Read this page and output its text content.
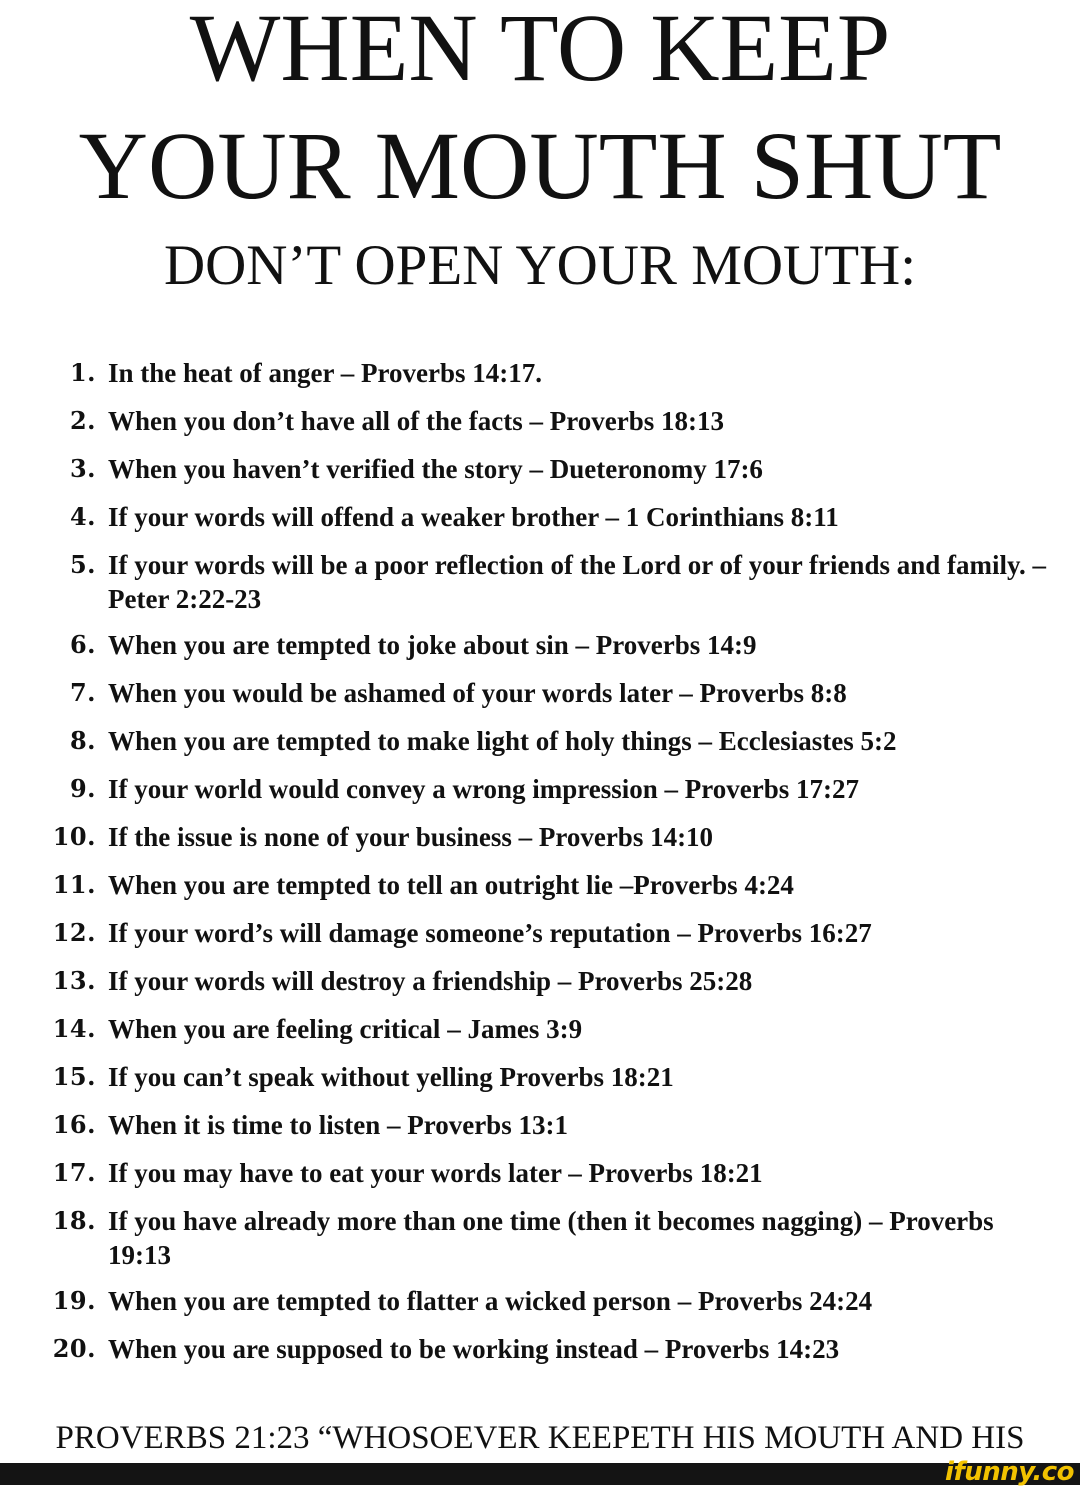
WHEN TO KEEP
YOUR MOUTH SHUT
DON’T OPEN YOUR MOUTH:
1. In the heat of anger – Proverbs 14:17.
2. When you don’t have all of the facts – Proverbs 18:13
3. When you haven’t verified the story – Dueteronomy 17:6
4. If your words will offend a weaker brother – 1 Corinthians 8:11
5. If your words will be a poor reflection of the Lord or of your friends and family. – Peter 2:22-23
6. When you are tempted to joke about sin – Proverbs 14:9
7. When you would be ashamed of your words later – Proverbs 8:8
8. When you are tempted to make light of holy things – Ecclesiastes 5:2
9. If your world would convey a wrong impression – Proverbs 17:27
10. If the issue is none of your business – Proverbs 14:10
11. When you are tempted to tell an outright lie –Proverbs 4:24
12. If your word’s will damage someone’s reputation – Proverbs 16:27
13. If your words will destroy a friendship – Proverbs 25:28
14. When you are feeling critical – James 3:9
15. If you can’t speak without yelling Proverbs 18:21
16. When it is time to listen – Proverbs 13:1
17. If you may have to eat your words later – Proverbs 18:21
18. If you have already more than one time (then it becomes nagging) – Proverbs 19:13
19. When you are tempted to flatter a wicked person – Proverbs 24:24
20. When you are supposed to be working instead – Proverbs 14:23

PROVERBS 21:23 “WHOSOEVER KEEPETH HIS MOUTH AND HIS

ifunny.co
